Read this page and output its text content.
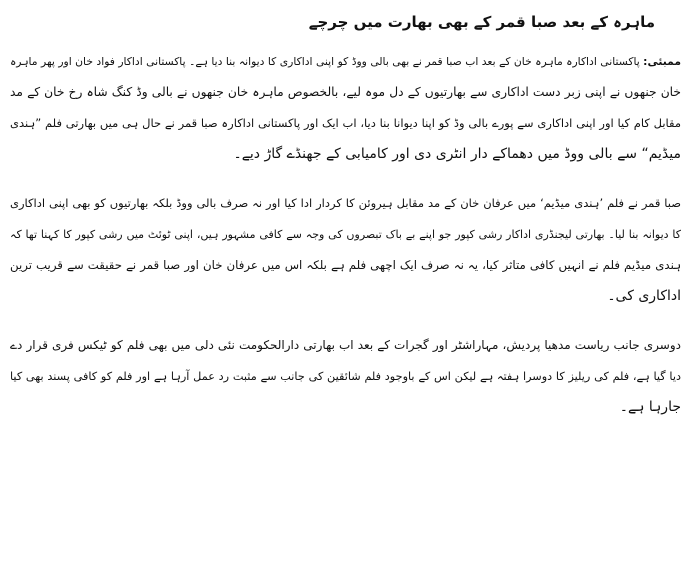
ماہرہ کے بعد صبا قمر کے بھی بھارت میں چرچے
ممبئی: پاکستانی اداکارہ ماہرہ خان کے بعد اب صبا قمر نے بھی بالی ووڈ کو اپنی اداکاری کا دیوانہ بنا دیا ہے۔ پاکستانی اداکار فواد خان اور پھر ماہرہ
خان جنھوں نے اپنی زبر دست اداکاری سے بھارتیوں کے دل موہ لیے، بالخصوص ماہرہ خان جنھوں نے بالی وڈ کنگ شاہ رخ خان کے مد
مقابل کام کیا اور اپنی اداکاری سے پورے بالی وڈ کو اپنا دیوانا بنا دیا، اب ایک اور پاکستانی اداکارہ صبا قمر نے حال ہی میں بھارتی فلم ”ہندی
میڈیم“ سے بالی ووڈ میں دھماکے دار انٹری دی اور کامیابی کے جھنڈے گاڑ دیے۔
صبا قمر نے فلم ’ہندی میڈیم‘ میں عرفان خان کے مد مقابل ہیروئن کا کردار ادا کیا اور نہ صرف بالی ووڈ بلکہ بھارتیوں کو بھی اپنی اداکاری
کا دیوانہ بنا لیا۔ بھارتی لیجنڈری اداکار رشی کپور جو اپنے بے باک تبصروں کی وجہ سے کافی مشہور ہیں، اپنی ٹوئٹ میں رشی کپور کا کہنا تھا کہ
ہندی میڈیم فلم نے انہیں کافی متاثر کیا، یہ نہ صرف ایک اچھی فلم ہے بلکہ اس میں عرفان خان اور صبا قمر نے حقیقت سے قریب ترین
اداکاری کی۔
دوسری جانب ریاست مدھیا پردیش، مہاراشٹر اور گجرات کے بعد اب بھارتی دارالحکومت نئی دلی میں بھی فلم کو ٹیکس فری قرار دے
دیا گیا ہے، فلم کی ریلیز کا دوسرا ہفتہ ہے لیکن اس کے باوجود فلم شائقین کی جانب سے مثبت رد عمل آرہا ہے اور فلم کو کافی پسند بھی کیا
جارہا ہے۔
